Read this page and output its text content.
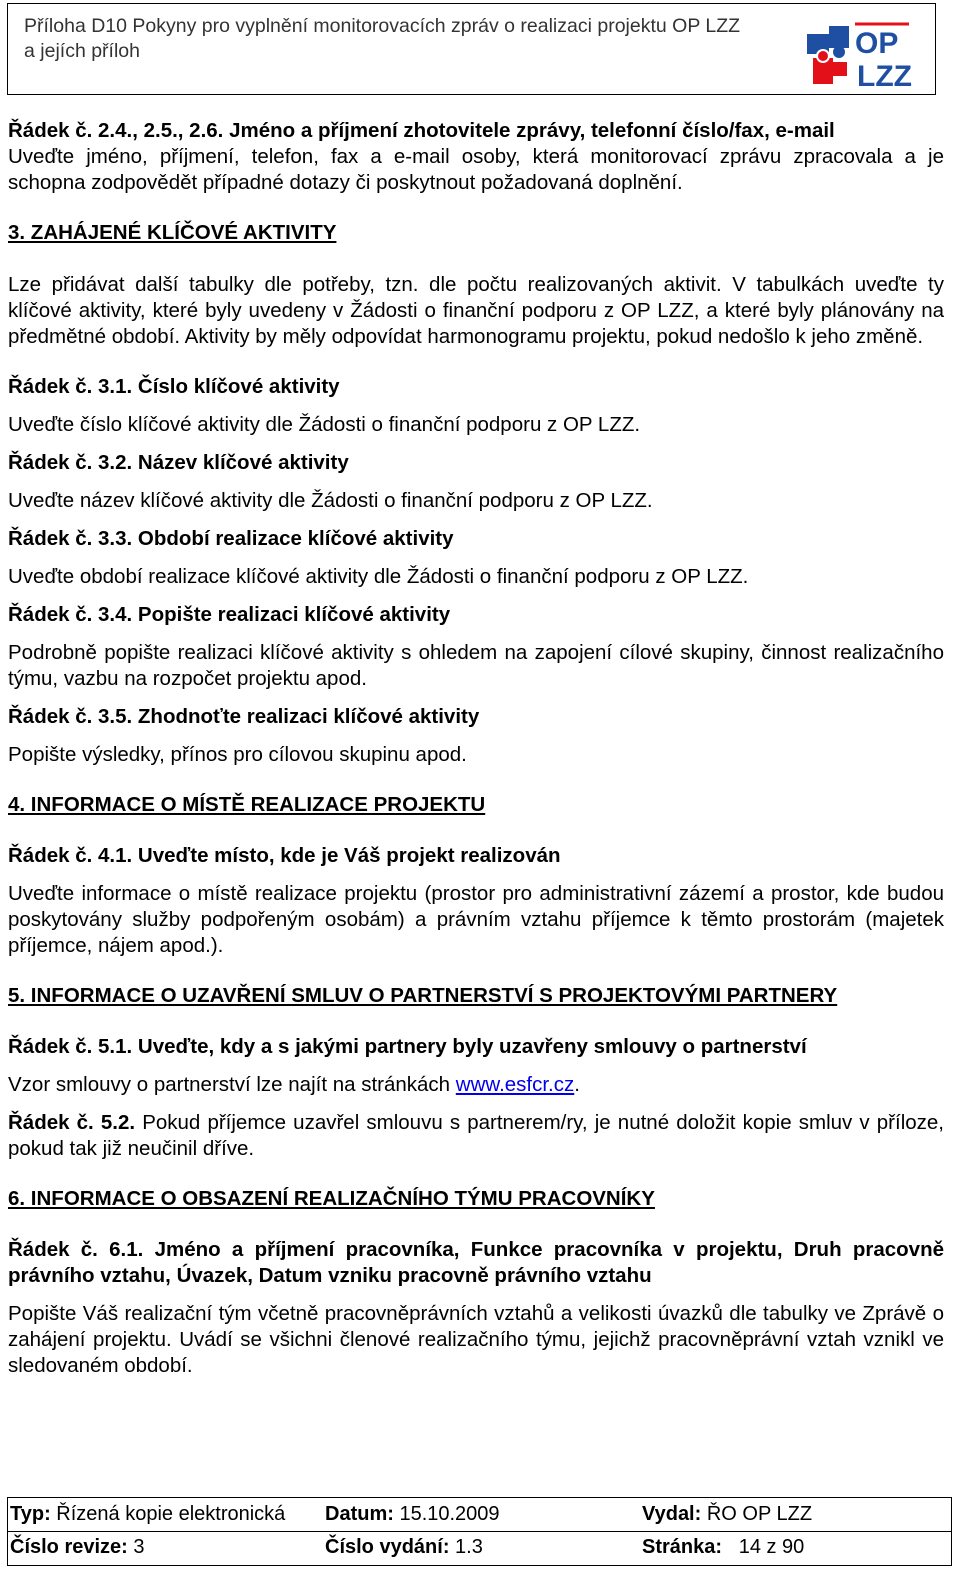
Příloha D10 Pokyny pro vyplnění monitorovacích zpráv o realizaci projektu OP LZZ
a jejích příloh	OP
LZZ

Řádek č. 2.4., 2.5., 2.6. Jméno a příjmení zhotovitele zprávy, telefonní číslo/fax, e-mail

Uveďte jméno, příjmení, telefon, fax a e-mail osoby, která monitorovací zprávu zpracovala a je schopna zodpovědět případné dotazy či poskytnout požadovaná doplnění.

3. ZAHÁJENÉ KLÍČOVÉ AKTIVITY

Lze přidávat další tabulky dle potřeby, tzn. dle počtu realizovaných aktivit. V tabulkách uveďte ty klíčové aktivity, které byly uvedeny v Žádosti o finanční podporu z OP LZZ, a které byly plánovány na předmětné období. Aktivity by měly odpovídat harmonogramu projektu, pokud nedošlo k jeho změně.

Řádek č. 3.1. Číslo klíčové aktivity

Uveďte číslo klíčové aktivity dle Žádosti o finanční podporu z OP LZZ.

Řádek č. 3.2. Název klíčové aktivity

Uveďte název klíčové aktivity dle Žádosti o finanční podporu z OP LZZ.

Řádek č. 3.3. Období realizace klíčové aktivity

Uveďte období realizace klíčové aktivity dle Žádosti o finanční podporu z OP LZZ.

Řádek č. 3.4. Popište realizaci klíčové aktivity

Podrobně popište realizaci klíčové aktivity s ohledem na zapojení cílové skupiny, činnost realizačního týmu, vazbu na rozpočet projektu apod.

Řádek č. 3.5. Zhodnoťte realizaci klíčové aktivity

Popište výsledky, přínos pro cílovou skupinu apod.

4. INFORMACE O MÍSTĚ REALIZACE PROJEKTU

Řádek č. 4.1. Uveďte místo, kde je Váš projekt realizován

Uveďte informace o místě realizace projektu (prostor pro administrativní zázemí a prostor, kde budou poskytovány služby podpořeným osobám) a právním vztahu příjemce k těmto prostorám (majetek příjemce, nájem apod.).

5. INFORMACE O UZAVŘENÍ SMLUV O PARTNERSTVÍ S PROJEKTOVÝMI PARTNERY

Řádek č. 5.1. Uveďte, kdy a s jakými partnery byly uzavřeny smlouvy o partnerství

Vzor smlouvy o partnerství lze najít na stránkách www.esfcr.cz.

Řádek č. 5.2. Pokud příjemce uzavřel smlouvu s partnerem/ry, je nutné doložit kopie smluv v příloze, pokud tak již neučinil dříve.

6. INFORMACE O OBSAZENÍ REALIZAČNÍHO TÝMU PRACOVNÍKY

Řádek č. 6.1. Jméno a příjmení pracovníka, Funkce pracovníka v projektu, Druh pracovně právního vztahu, Úvazek, Datum vzniku pracovně právního vztahu

Popište Váš realizační tým včetně pracovněprávních vztahů a velikosti úvazků dle tabulky ve Zprávě o zahájení projektu. Uvádí se všichni členové realizačního týmu, jejichž pracovněprávní vztah vznikl ve sledovaném období.

Typ: Řízená kopie elektronická Datum: 15.10.2009	Vydal: ŘO OP LZZ
Číslo revize: 3	Číslo vydání: 1.3	Stránka:   14 z 90
